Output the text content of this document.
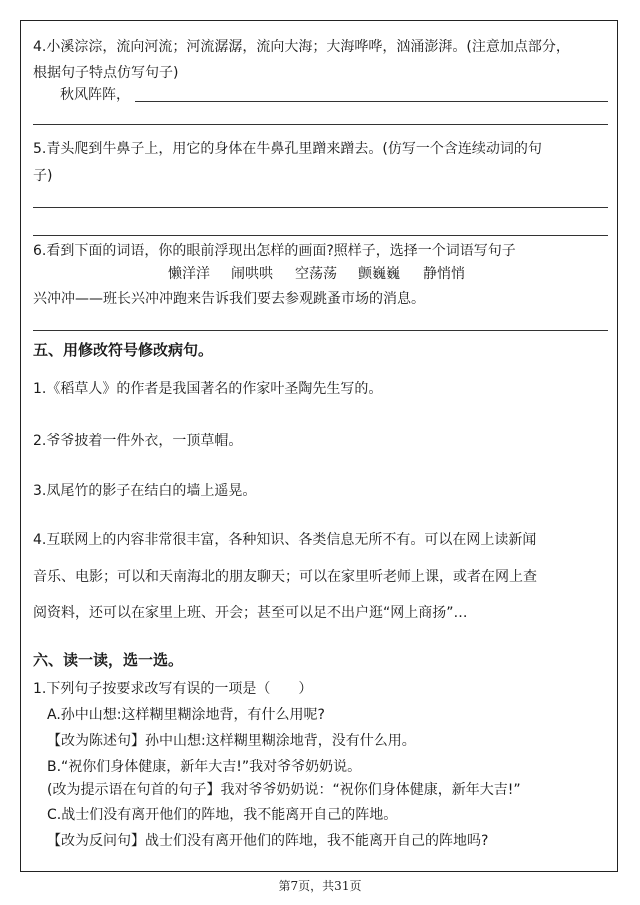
4.小溪淙淙，流向河流；河流潺潺，流向大海；大海哗哗，汹涌澎湃。(注意加点部分，
根据句子特点仿写句子)
秋风阵阵，
5.青头爬到牛鼻子上，用它的身体在牛鼻孔里蹭来蹭去。(仿写一个含连续动词的句
子)
6.看到下面的词语，你的眼前浮现出怎样的画面?照样子，选择一个词语写句子
懒洋洋 闹哄哄 空荡荡 颤巍巍 静悄悄
兴冲冲——班长兴冲冲跑来告诉我们要去参观跳蚤市场的消息。
五、用修改符号修改病句。
1.《稻草人》的作者是我国著名的作家叶圣陶先生写的。
2.爷爷披着一件外衣，一顶草帽。
3.凤尾竹的影子在结白的墙上遥晃。
4.互联网上的内容非常很丰富，各种知识、各类信息无所不有。可以在网上读新闻
音乐、电影；可以和天南海北的朋友聊天；可以在家里听老师上课，或者在网上查
阅资料，还可以在家里上班、开会；甚至可以足不出户逛“网上商扬”…
六、读一读，选一选。
1.下列句子按要求改写有误的一项是（　　）
A.孙中山想:这样糊里糊涂地背，有什么用呢?
【改为陈述句】孙中山想:这样糊里糊涂地背，没有什么用。
B.“祝你们身体健康，新年大吉!”我对爷爷奶奶说。
(改为提示语在句首的句子】我对爷爷奶奶说：“祝你们身体健康，新年大吉!”
C.战士们没有离开他们的阵地，我不能离开自己的阵地。
【改为反问句】战士们没有离开他们的阵地，我不能离开自己的阵地吗?
第7页，共31页
